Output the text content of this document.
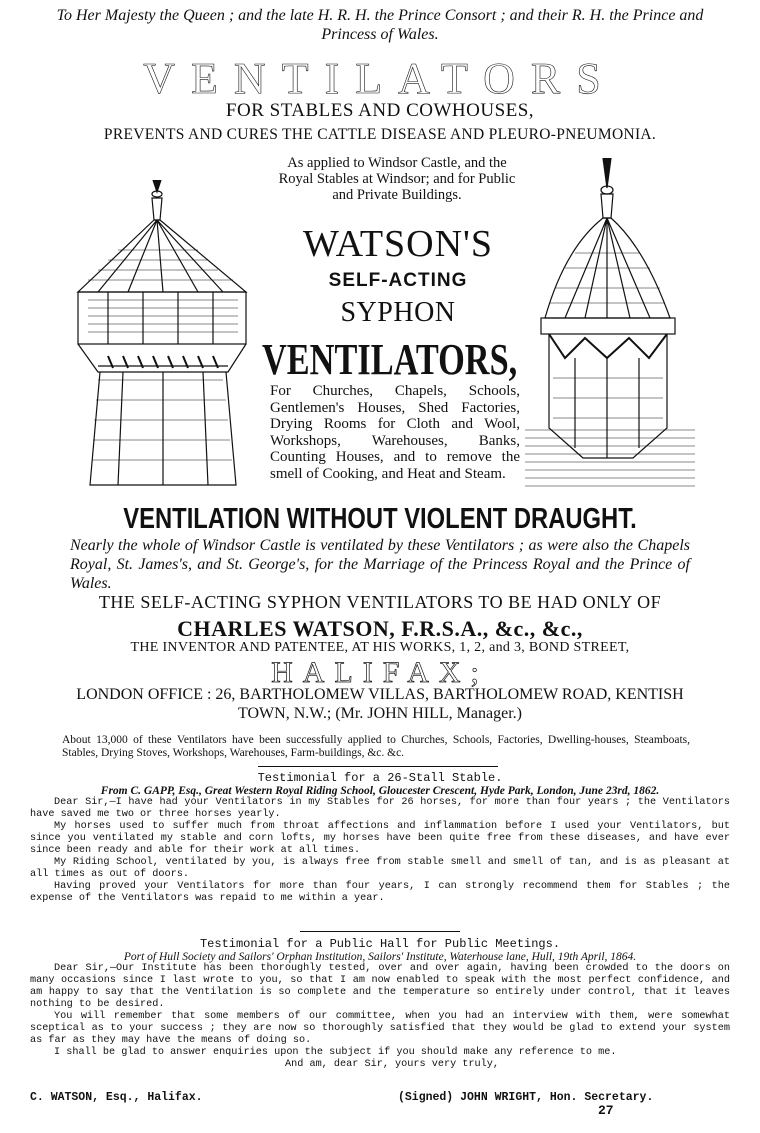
To Her Majesty the Queen ; and the late H. R. H. the Prince Consort ; and their R. H. the Prince and Princess of Wales.
VENTILATORS
FOR STABLES AND COWHOUSES,
PREVENTS AND CURES THE CATTLE DISEASE AND PLEURO-PNEUMONIA.
As applied to Windsor Castle, and the Royal Stables at Windsor; and for Public and Private Buildings.
WATSON'S
SELF-ACTING
SYPHON
VENTILATORS,
For Churches, Chapels, Schools, Gentlemen's Houses, Shed Factories, Drying Rooms for Cloth and Wool, Workshops, Warehouses, Banks, Counting Houses, and to remove the smell of Cooking, and Heat and Steam.
VENTILATION WITHOUT VIOLENT DRAUGHT.
Nearly the whole of Windsor Castle is ventilated by these Ventilators ; as were also the Chapels Royal, St. James's, and St. George's, for the Marriage of the Princess Royal and the Prince of Wales.
THE SELF-ACTING SYPHON VENTILATORS TO BE HAD ONLY OF
CHARLES WATSON, F.R.S.A., &c., &c.,
THE INVENTOR AND PATENTEE, AT HIS WORKS, 1, 2, and 3, BOND STREET,
HALIFAX;
LONDON OFFICE : 26, BARTHOLOMEW VILLAS, BARTHOLOMEW ROAD, KENTISH TOWN, N.W.; (Mr. JOHN HILL, Manager.)
About 13,000 of these Ventilators have been successfully applied to Churches, Schools, Factories, Dwelling-houses, Steamboats, Stables, Drying Stoves, Workshops, Warehouses, Farm-buildings, &c. &c.

Testimonial for a 26-Stall Stable.

From C. GAPP, Esq., Great Western Royal Riding School, Gloucester Crescent, Hyde Park, London, June 23rd, 1862.

Dear Sir,—I have had your Ventilators in my Stables for 26 horses, for more than four years ; the Ventilators have saved me two or three horses yearly.

My horses used to suffer much from throat affections and inflammation before I used your Ventilators, but since you ventilated my stable and corn lofts, my horses have been quite free from these diseases, and have ever since been ready and able for their work at all times.

My Riding School, ventilated by you, is always free from stable smell and smell of tan, and is as pleasant at all times as out of doors.

Having proved your Ventilators for more than four years, I can strongly recommend them for Stables ; the expense of the Ventilators was repaid to me within a year.

Testimonial for a Public Hall for Public Meetings.

Port of Hull Society and Sailors' Orphan Institution, Sailors' Institute, Waterhouse lane, Hull, 19th April, 1864.

Dear Sir,—Our Institute has been thoroughly tested, over and over again, having been crowded to the doors on many occasions since I last wrote to you, so that I am now enabled to speak with the most perfect confidence, and am happy to say that the Ventilation is so complete and the temperature so entirely under control, that it leaves nothing to be desired.

You will remember that some members of our committee, when you had an interview with them, were somewhat sceptical as to your success ; they are now so thoroughly satisfied that they would be glad to extend your system as far as they may have the means of doing so.

I shall be glad to answer enquiries upon the subject if you should make any reference to me.

And am, dear Sir, yours very truly,

C. WATSON, Esq., Halifax.	(Signed) JOHN WRIGHT, Hon. Secretary.
27
